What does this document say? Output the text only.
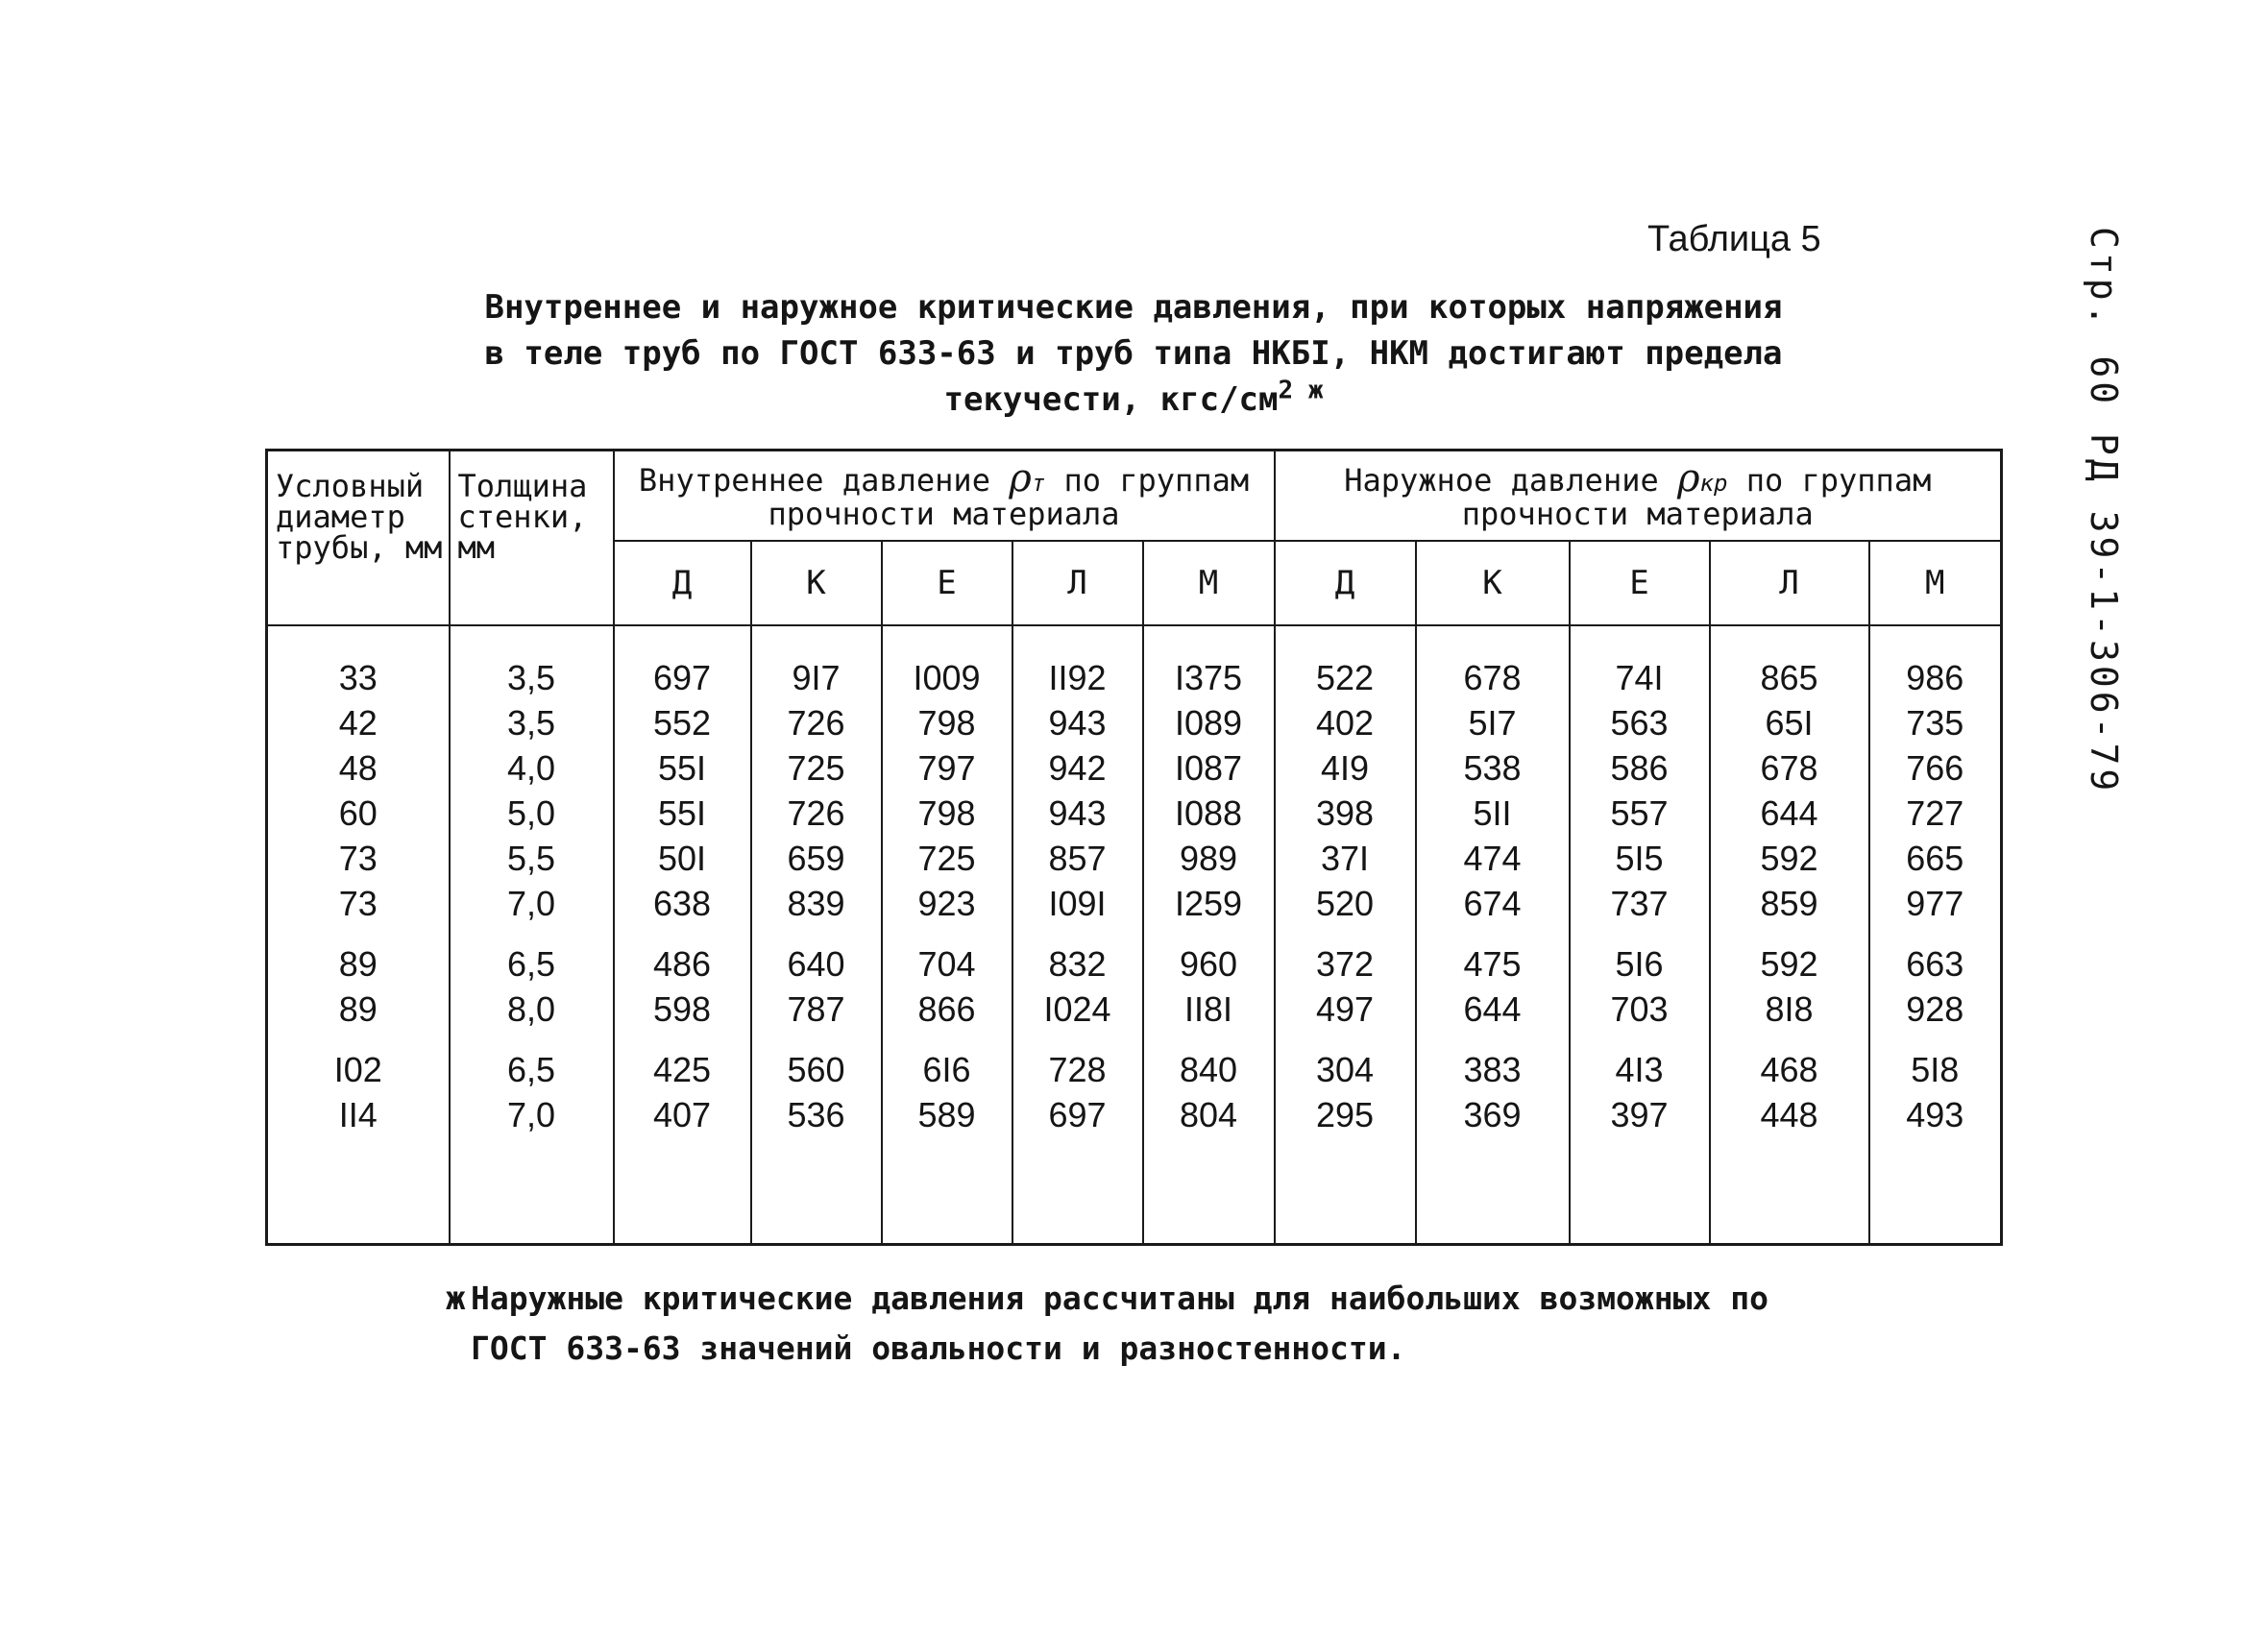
Стр. 60 РД 39-1-306-79
Таблица 5
Внутреннее и наружное критические давления, при которых напряжения
в теле труб по ГОСТ 633-63 и труб типа НКБІ, НКМ достигают предела
текучести, кгс/$см^{2 ж}$
Условный диаметр трубы, мм	Толщина стенки, мм	Внутреннее давление ρт по группам прочности материала					Наружное давление ρкр по группам прочности материала				
		Д	К	Е	Л	М	Д	К	Е	Л	М
33	3,5	697	9І7	І009	ІІ92	І375	522	678	74І	865	986
42	3,5	552	726	798	943	І089	402	5І7	563	65І	735
48	4,0	55І	725	797	942	І087	4І9	538	586	678	766
60	5,0	55І	726	798	943	І088	398	5ІІ	557	644	727
73	5,5	50І	659	725	857	989	37І	474	5І5	592	665
73	7,0	638	839	923	І09І	І259	520	674	737	859	977
89	6,5	486	640	704	832	960	372	475	5І6	592	663
89	8,0	598	787	866	І024	ІІ8І	497	644	703	8І8	928
І02	6,5	425	560	6І6	728	840	304	383	4І3	468	5І8
ІІ4	7,0	407	536	589	697	804	295	369	397	448	493

ж Наружные критические давления рассчитаны для наибольших возможных по
ГОСТ 633-63 значений овальности и разностенности.
